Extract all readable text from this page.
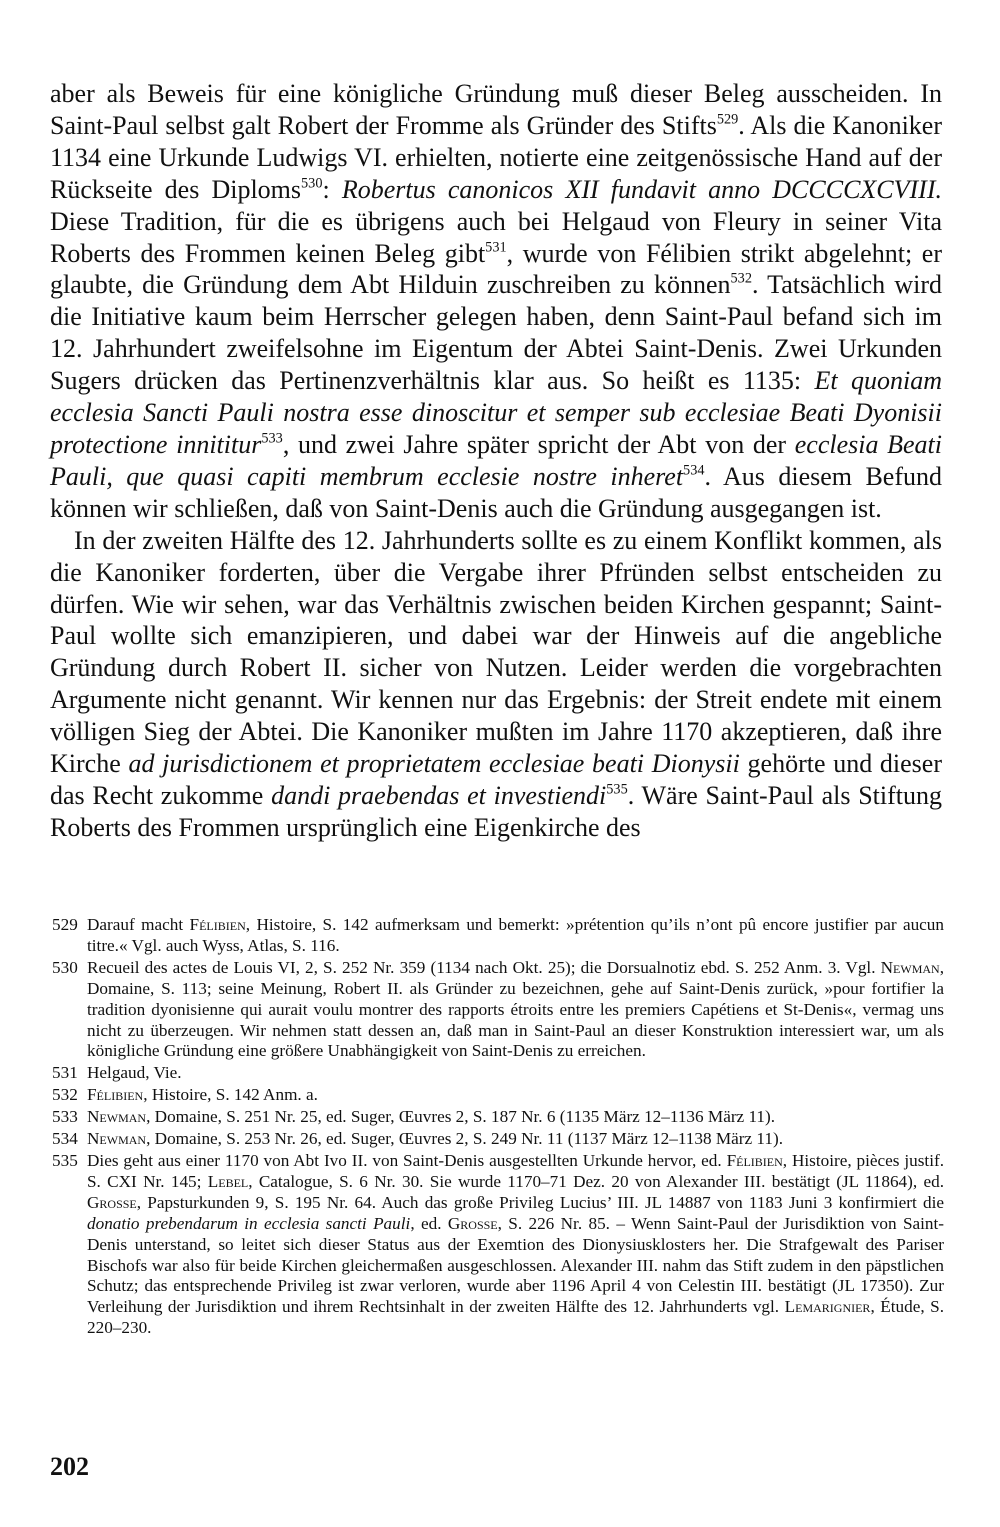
aber als Beweis für eine königliche Gründung muß dieser Beleg ausscheiden. In Saint-Paul selbst galt Robert der Fromme als Gründer des Stifts$^{529}$. Als die Kanoniker 1134 eine Urkunde Ludwigs VI. erhielten, notierte eine zeitgenössische Hand auf der Rückseite des Diploms$^{530}$: Robertus canonicos XII fundavit anno DCCCCXCVIII. Diese Tradition, für die es übrigens auch bei Helgaud von Fleury in seiner Vita Roberts des Frommen keinen Beleg gibt$^{531}$, wurde von Félibien strikt abgelehnt; er glaubte, die Gründung dem Abt Hilduin zuschreiben zu können$^{532}$. Tatsächlich wird die Initiative kaum beim Herrscher gelegen haben, denn Saint-Paul befand sich im 12. Jahrhundert zweifelsohne im Eigentum der Abtei Saint-Denis. Zwei Urkunden Sugers drücken das Pertinenzverhältnis klar aus. So heißt es 1135: Et quoniam ecclesia Sancti Pauli nostra esse dinoscitur et semper sub ecclesiae Beati Dyonisii protectione innititur$^{533}$, und zwei Jahre später spricht der Abt von der ecclesia Beati Pauli, que quasi capiti membrum ecclesie nostre inheret$^{534}$. Aus diesem Befund können wir schließen, daß von Saint-Denis auch die Gründung ausgegangen ist.

In der zweiten Hälfte des 12. Jahrhunderts sollte es zu einem Konflikt kommen, als die Kanoniker forderten, über die Vergabe ihrer Pfründen selbst entscheiden zu dürfen. Wie wir sehen, war das Verhältnis zwischen beiden Kirchen gespannt; Saint-Paul wollte sich emanzipieren, und dabei war der Hinweis auf die angebliche Gründung durch Robert II. sicher von Nutzen. Leider werden die vorgebrachten Argumente nicht genannt. Wir kennen nur das Ergebnis: der Streit endete mit einem völligen Sieg der Abtei. Die Kanoniker mußten im Jahre 1170 akzeptieren, daß ihre Kirche ad jurisdictionem et proprietatem ecclesiae beati Dionysii gehörte und dieser das Recht zukomme dandi praebendas et investiendi$^{535}$. Wäre Saint-Paul als Stiftung Roberts des Frommen ursprünglich eine Eigenkirche des

529 Darauf macht Félibien, Histoire, S. 142 aufmerksam und bemerkt: »prétention qu’ils n’ont pû encore justifier par aucun titre.« Vgl. auch Wyss, Atlas, S. 116.
530 Recueil des actes de Louis VI, 2, S. 252 Nr. 359 (1134 nach Okt. 25); die Dorsualnotiz ebd. S. 252 Anm. 3. Vgl. Newman, Domaine, S. 113; seine Meinung, Robert II. als Gründer zu bezeichnen, gehe auf Saint-Denis zurück, »pour fortifier la tradition dyonisienne qui aurait voulu montrer des rapports étroits entre les premiers Capétiens et St-Denis«, vermag uns nicht zu überzeugen. Wir nehmen statt dessen an, daß man in Saint-Paul an dieser Konstruktion interessiert war, um als königliche Gründung eine größere Unabhängigkeit von Saint-Denis zu erreichen.
531 Helgaud, Vie.
532 Félibien, Histoire, S. 142 Anm. a.
533 Newman, Domaine, S. 251 Nr. 25, ed. Suger, Œuvres 2, S. 187 Nr. 6 (1135 März 12–1136 März 11).
534 Newman, Domaine, S. 253 Nr. 26, ed. Suger, Œuvres 2, S. 249 Nr. 11 (1137 März 12–1138 März 11).
535 Dies geht aus einer 1170 von Abt Ivo II. von Saint-Denis ausgestellten Urkunde hervor, ed. Félibien, Histoire, pièces justif. S. CXI Nr. 145; Lebel, Catalogue, S. 6 Nr. 30. Sie wurde 1170–71 Dez. 20 von Alexander III. bestätigt (JL 11864), ed. Grosse, Papsturkunden 9, S. 195 Nr. 64. Auch das große Privileg Lucius’ III. JL 14887 von 1183 Juni 3 konfirmiert die donatio prebendarum in ecclesia sancti Pauli, ed. Grosse, S. 226 Nr. 85. – Wenn Saint-Paul der Jurisdiktion von Saint-Denis unterstand, so leitet sich dieser Status aus der Exemtion des Dionysiusklosters her. Die Strafgewalt des Pariser Bischofs war also für beide Kirchen gleichermaßen ausgeschlossen. Alexander III. nahm das Stift zudem in den päpstlichen Schutz; das entsprechende Privileg ist zwar verloren, wurde aber 1196 April 4 von Celestin III. bestätigt (JL 17350). Zur Verleihung der Jurisdiktion und ihrem Rechtsinhalt in der zweiten Hälfte des 12. Jahrhunderts vgl. Lemarignier, Étude, S. 220–230.
202
